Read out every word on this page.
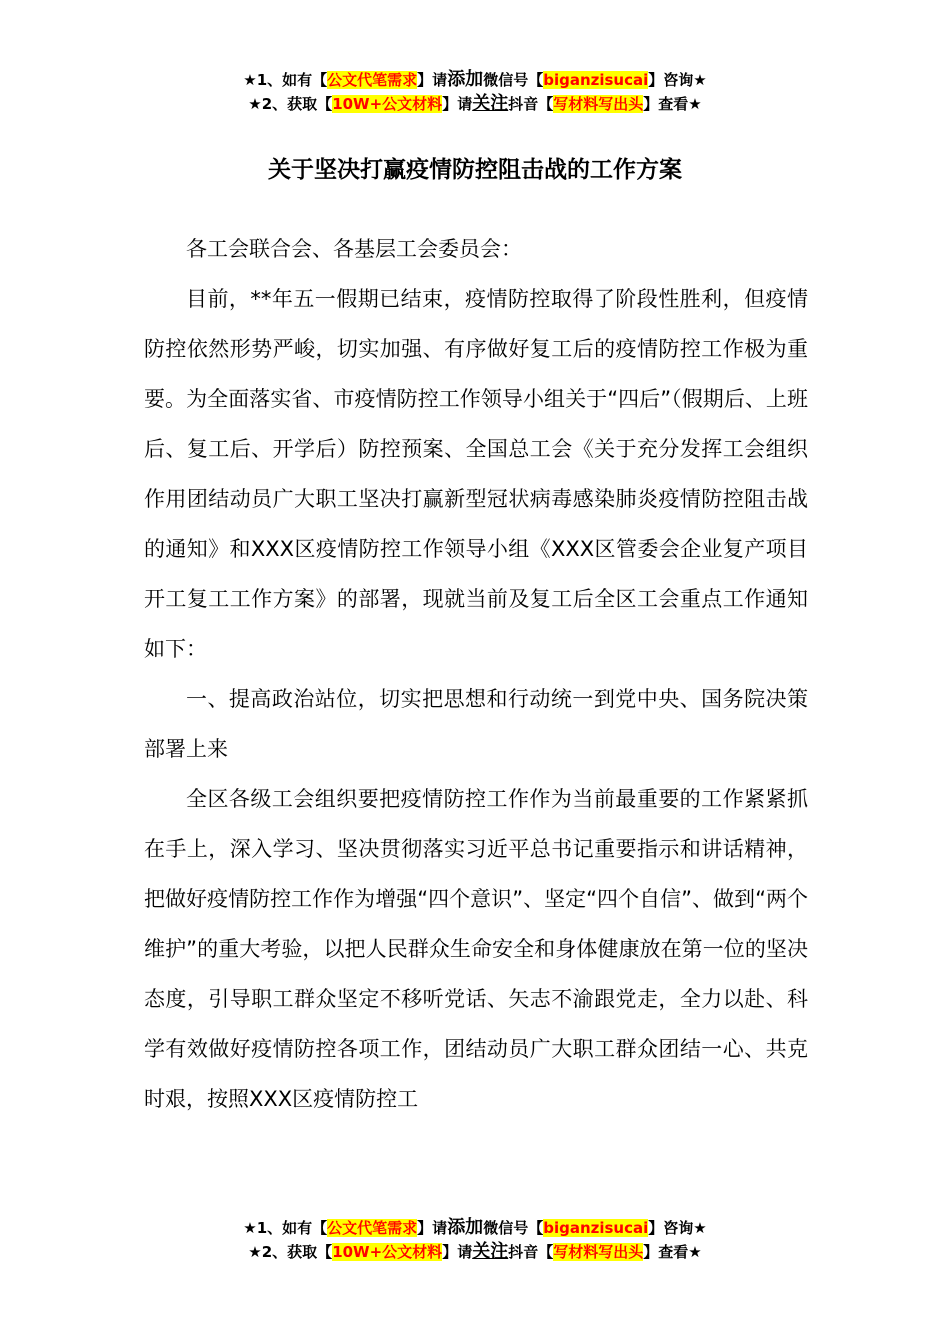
★1、如有【公文代笔需求】请添加微信号【biganzisucai】咨询★
★2、获取【10W+公文材料】请关注抖音【写材料写出头】查看★
关于坚决打赢疫情防控阻击战的工作方案

各工会联合会、各基层工会委员会：

目前，**年五一假期已结束，疫情防控取得了阶段性胜利，但疫情防控依然形势严峻，切实加强、有序做好复工后的疫情防控工作极为重要。为全面落实省、市疫情防控工作领导小组关于“四后”（假期后、上班后、复工后、开学后）防控预案、全国总工会《关于充分发挥工会组织作用团结动员广大职工坚决打赢新型冠状病毒感染肺炎疫情防控阻击战的通知》和XXX区疫情防控工作领导小组《XXX区管委会企业复产项目开工复工工作方案》的部署，现就当前及复工后全区工会重点工作通知如下：

一、提高政治站位，切实把思想和行动统一到党中央、国务院决策部署上来

全区各级工会组织要把疫情防控工作作为当前最重要的工作紧紧抓在手上，深入学习、坚决贯彻落实习近平总书记重要指示和讲话精神，把做好疫情防控工作作为增强“四个意识”、坚定“四个自信”、做到“两个维护”的重大考验，以把人民群众生命安全和身体健康放在第一位的坚决态度，引导职工群众坚定不移听党话、矢志不渝跟党走，全力以赴、科学有效做好疫情防控各项工作，团结动员广大职工群众团结一心、共克时艰，按照XXX区疫情防控工

★1、如有【公文代笔需求】请添加微信号【biganzisucai】咨询★
★2、获取【10W+公文材料】请关注抖音【写材料写出头】查看★
